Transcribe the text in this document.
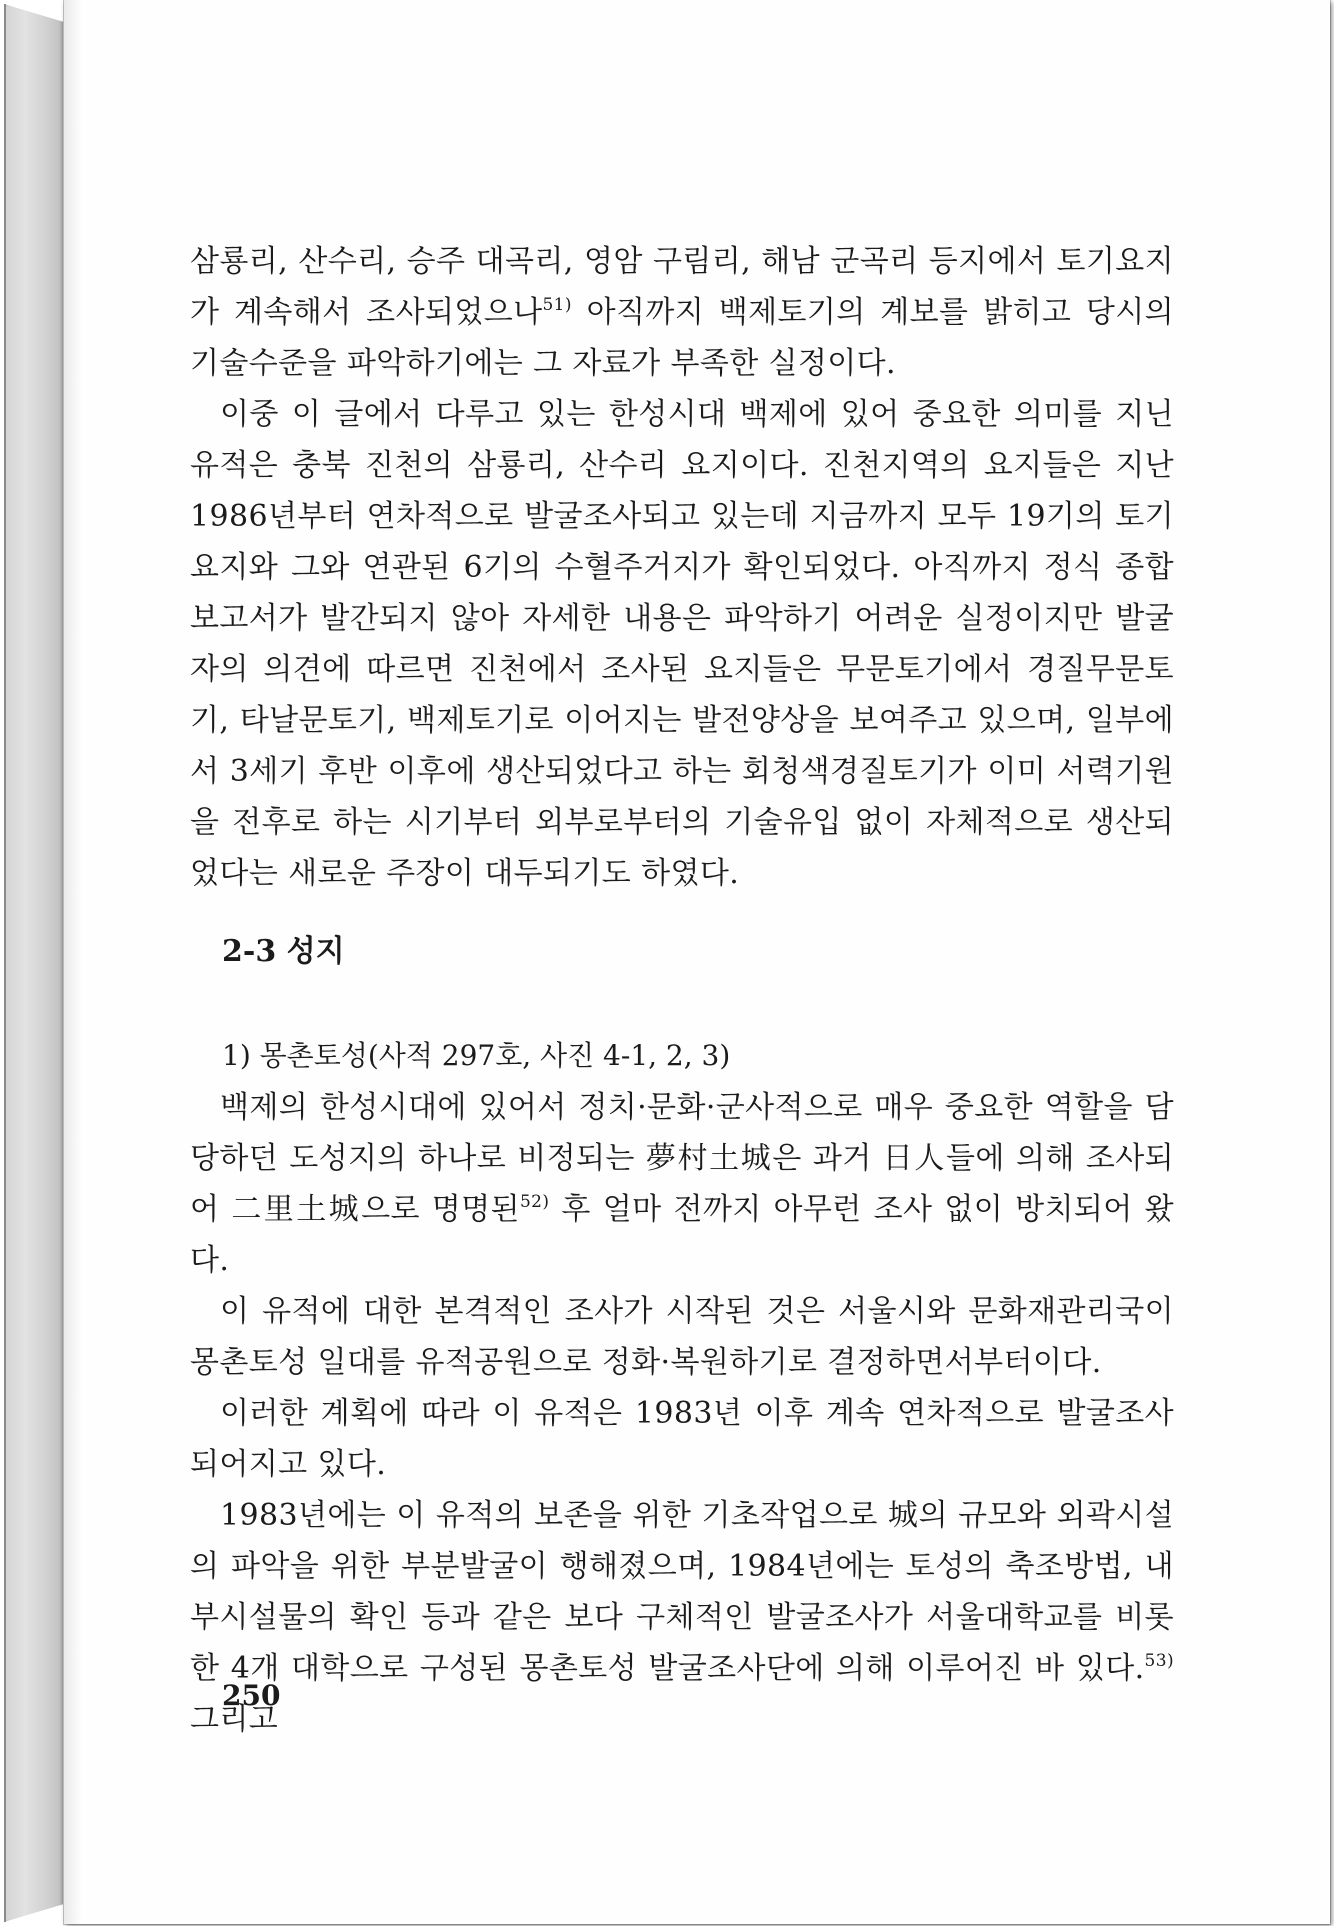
삼룡리, 산수리, 승주 대곡리, 영암 구림리, 해남 군곡리 등지에서 토기요지가 계속해서 조사되었으나$^{51)}$ 아직까지 백제토기의 계보를 밝히고 당시의 기술수준을 파악하기에는 그 자료가 부족한 실정이다.

이중 이 글에서 다루고 있는 한성시대 백제에 있어 중요한 의미를 지닌 유적은 충북 진천의 삼룡리, 산수리 요지이다. 진천지역의 요지들은 지난 1986년부터 연차적으로 발굴조사되고 있는데 지금까지 모두 19기의 토기요지와 그와 연관된 6기의 수혈주거지가 확인되었다. 아직까지 정식 종합보고서가 발간되지 않아 자세한 내용은 파악하기 어려운 실정이지만 발굴자의 의견에 따르면 진천에서 조사된 요지들은 무문토기에서 경질무문토기, 타날문토기, 백제토기로 이어지는 발전양상을 보여주고 있으며, 일부에서 3세기 후반 이후에 생산되었다고 하는 회청색경질토기가 이미 서력기원을 전후로 하는 시기부터 외부로부터의 기술유입 없이 자체적으로 생산되었다는 새로운 주장이 대두되기도 하였다.

2-3 성지
1) 몽촌토성(사적 297호, 사진 4-1, 2, 3)

백제의 한성시대에 있어서 정치·문화·군사적으로 매우 중요한 역할을 담당하던 도성지의 하나로 비정되는 夢村土城은 과거 日人들에 의해 조사되어 二里土城으로 명명된$^{52)}$ 후 얼마 전까지 아무런 조사 없이 방치되어 왔다.

이 유적에 대한 본격적인 조사가 시작된 것은 서울시와 문화재관리국이 몽촌토성 일대를 유적공원으로 정화·복원하기로 결정하면서부터이다.

이러한 계획에 따라 이 유적은 1983년 이후 계속 연차적으로 발굴조사되어지고 있다.

1983년에는 이 유적의 보존을 위한 기초작업으로 城의 규모와 외곽시설의 파악을 위한 부분발굴이 행해졌으며, 1984년에는 토성의 축조방법, 내부시설물의 확인 등과 같은 보다 구체적인 발굴조사가 서울대학교를 비롯한 4개 대학으로 구성된 몽촌토성 발굴조사단에 의해 이루어진 바 있다.$^{53)}$ 그리고

250
